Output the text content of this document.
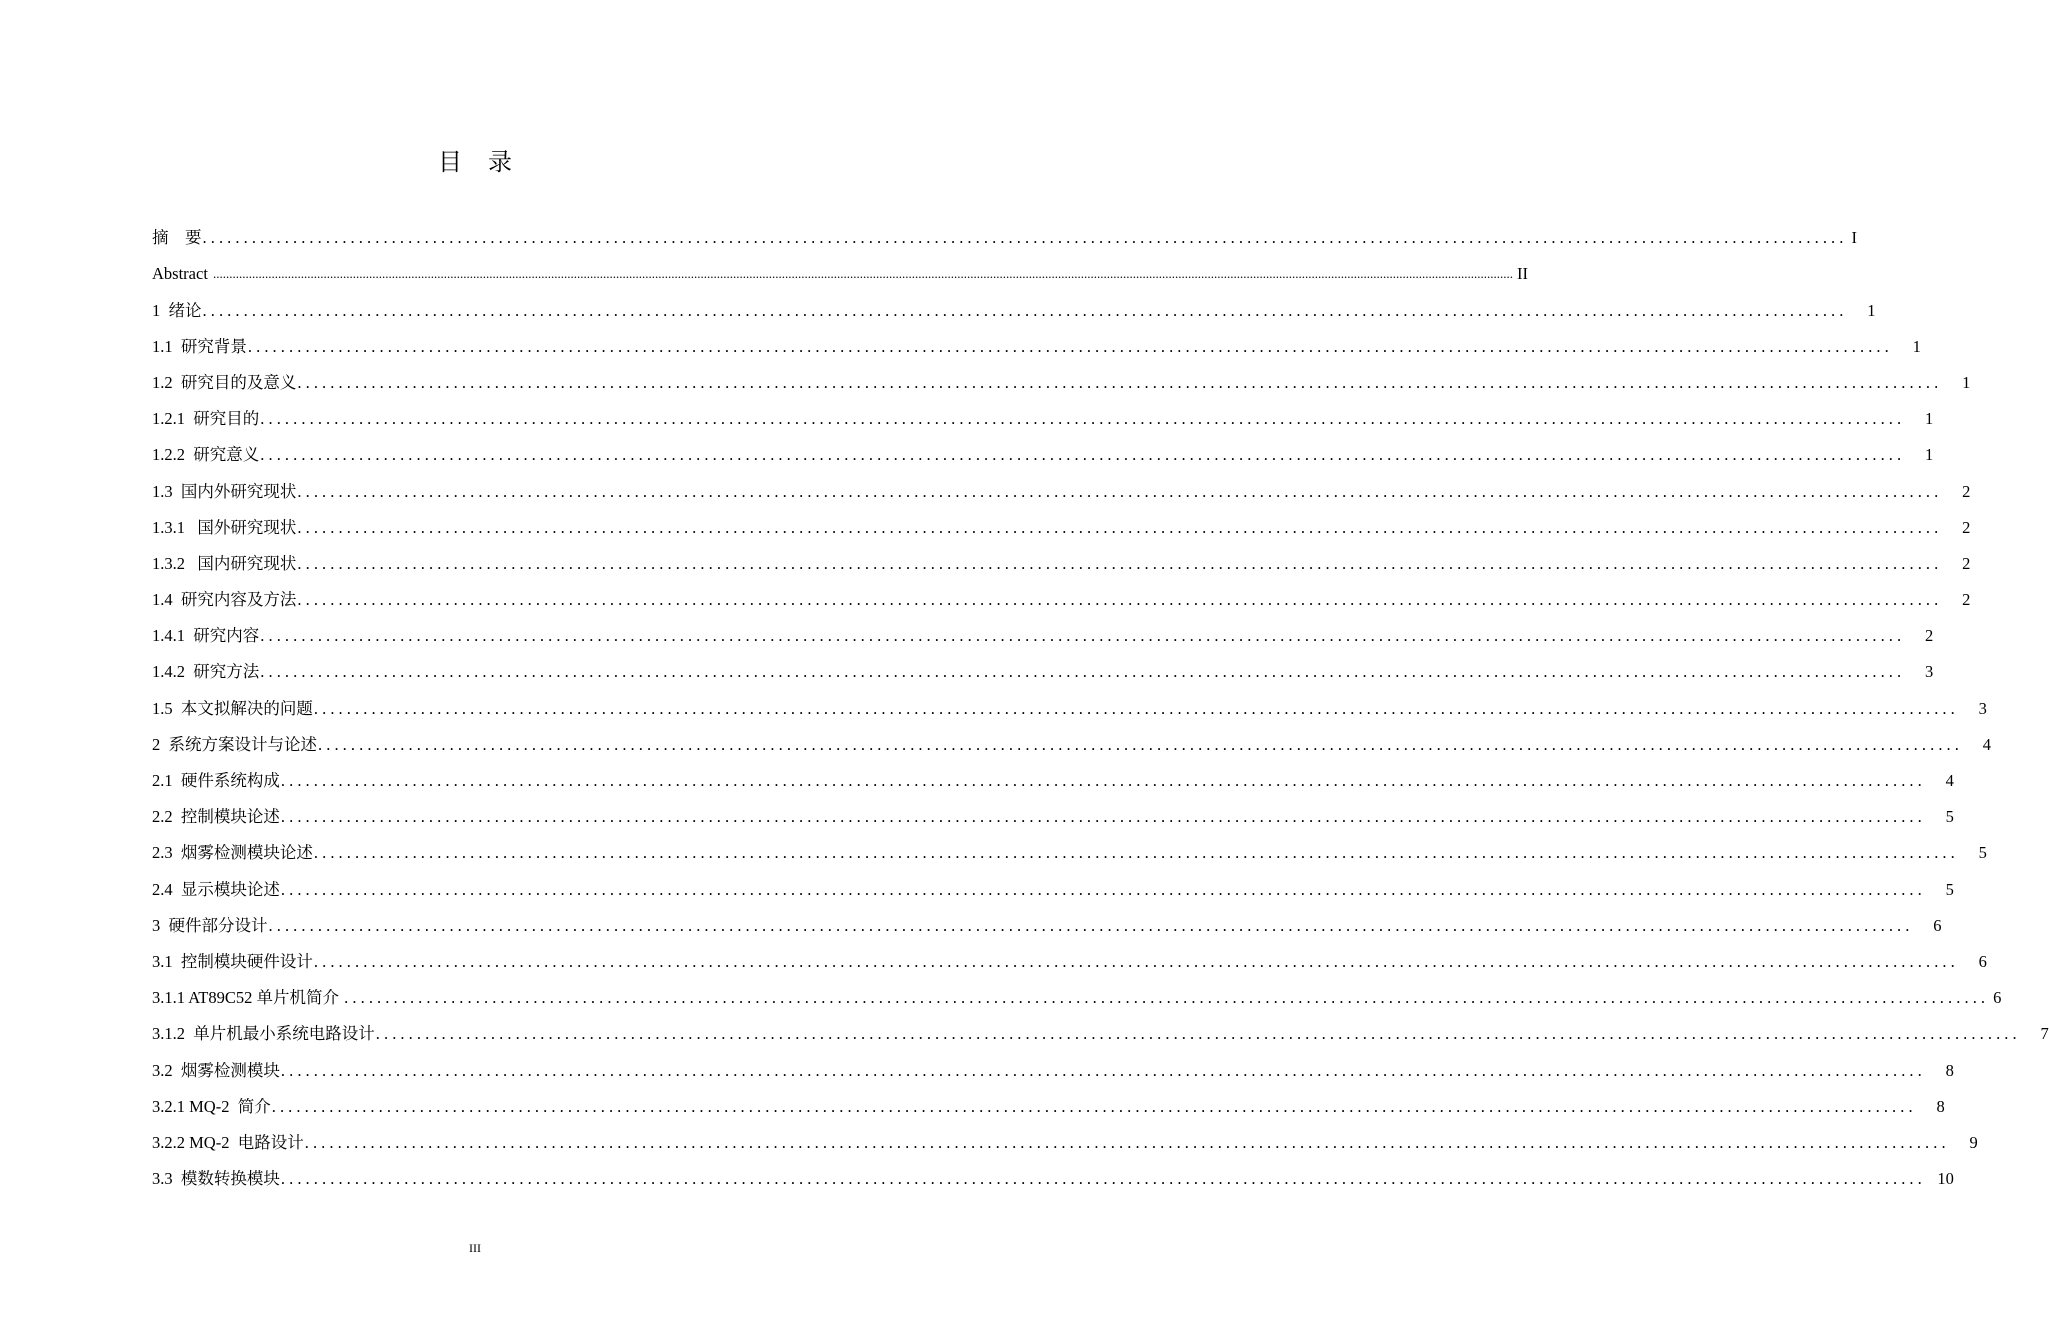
目 录
摘　要 ........................................................................................................................................................................................................ I
Abstract ................................................................................................................................................................................................................................................................................................................................................................................................................ II
1  绪论 ........................................................................................................................................................................................................	1
1.1  研究背景 ........................................................................................................................................................................................................	1
1.2  研究目的及意义 ........................................................................................................................................................................................................	1
1.2.1  研究目的 ........................................................................................................................................................................................................	1
1.2.2  研究意义 ........................................................................................................................................................................................................	1
1.3  国内外研究现状 ........................................................................................................................................................................................................	2
1.3.1   国外研究现状 ........................................................................................................................................................................................................	2
1.3.2   国内研究现状 ........................................................................................................................................................................................................	2
1.4  研究内容及方法 ........................................................................................................................................................................................................	2
1.4.1  研究内容 ........................................................................................................................................................................................................	2
1.4.2  研究方法 ........................................................................................................................................................................................................	3
1.5  本文拟解决的问题 ........................................................................................................................................................................................................	3
2  系统方案设计与论述 ........................................................................................................................................................................................................	4
2.1  硬件系统构成 ........................................................................................................................................................................................................	4
2.2  控制模块论述 ........................................................................................................................................................................................................	5
2.3  烟雾检测模块论述 ........................................................................................................................................................................................................	5
2.4  显示模块论述 ........................................................................................................................................................................................................	5
3  硬件部分设计 ........................................................................................................................................................................................................	6
3.1  控制模块硬件设计 ........................................................................................................................................................................................................	6
3.1.1 AT89C52 单片机简介 ........................................................................................................................................................................................................ 6
3.1.2  单片机最小系统电路设计 ........................................................................................................................................................................................................	7
3.2  烟雾检测模块 ........................................................................................................................................................................................................	8
3.2.1 MQ-2  简介 ........................................................................................................................................................................................................	8
3.2.2 MQ-2  电路设计 ........................................................................................................................................................................................................	9
3.3  模数转换模块 ........................................................................................................................................................................................................ 10
III
